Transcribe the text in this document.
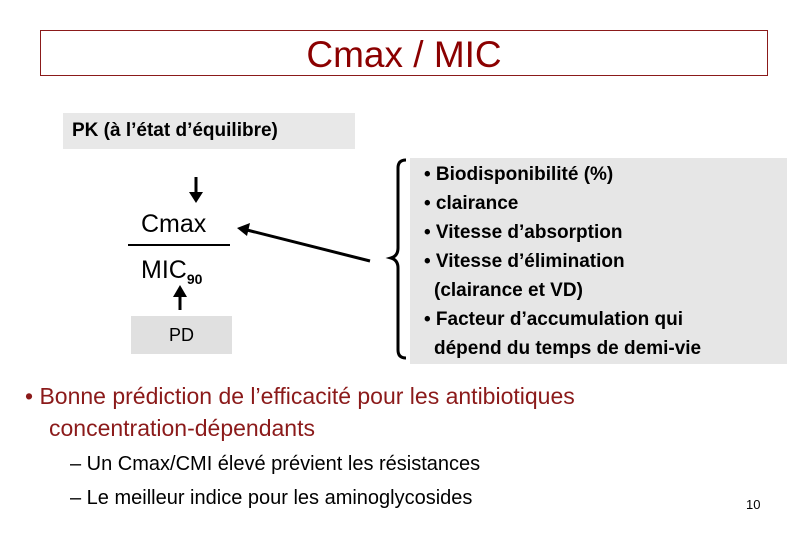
Cmax / MIC
PK (à l’état d’équilibre)
Cmax
$MIC_{90}$
PD
• Biodisponibilité (%)
• clairance
• Vitesse d’absorption
• Vitesse d’élimination
(clairance et VD)
• Facteur d’accumulation qui
dépend du temps de demi-vie
• Bonne prédiction de l’efficacité pour les antibiotiques
concentration-dépendants
– Un Cmax/CMI élevé prévient les résistances
– Le meilleur indice pour les aminoglycosides	10
